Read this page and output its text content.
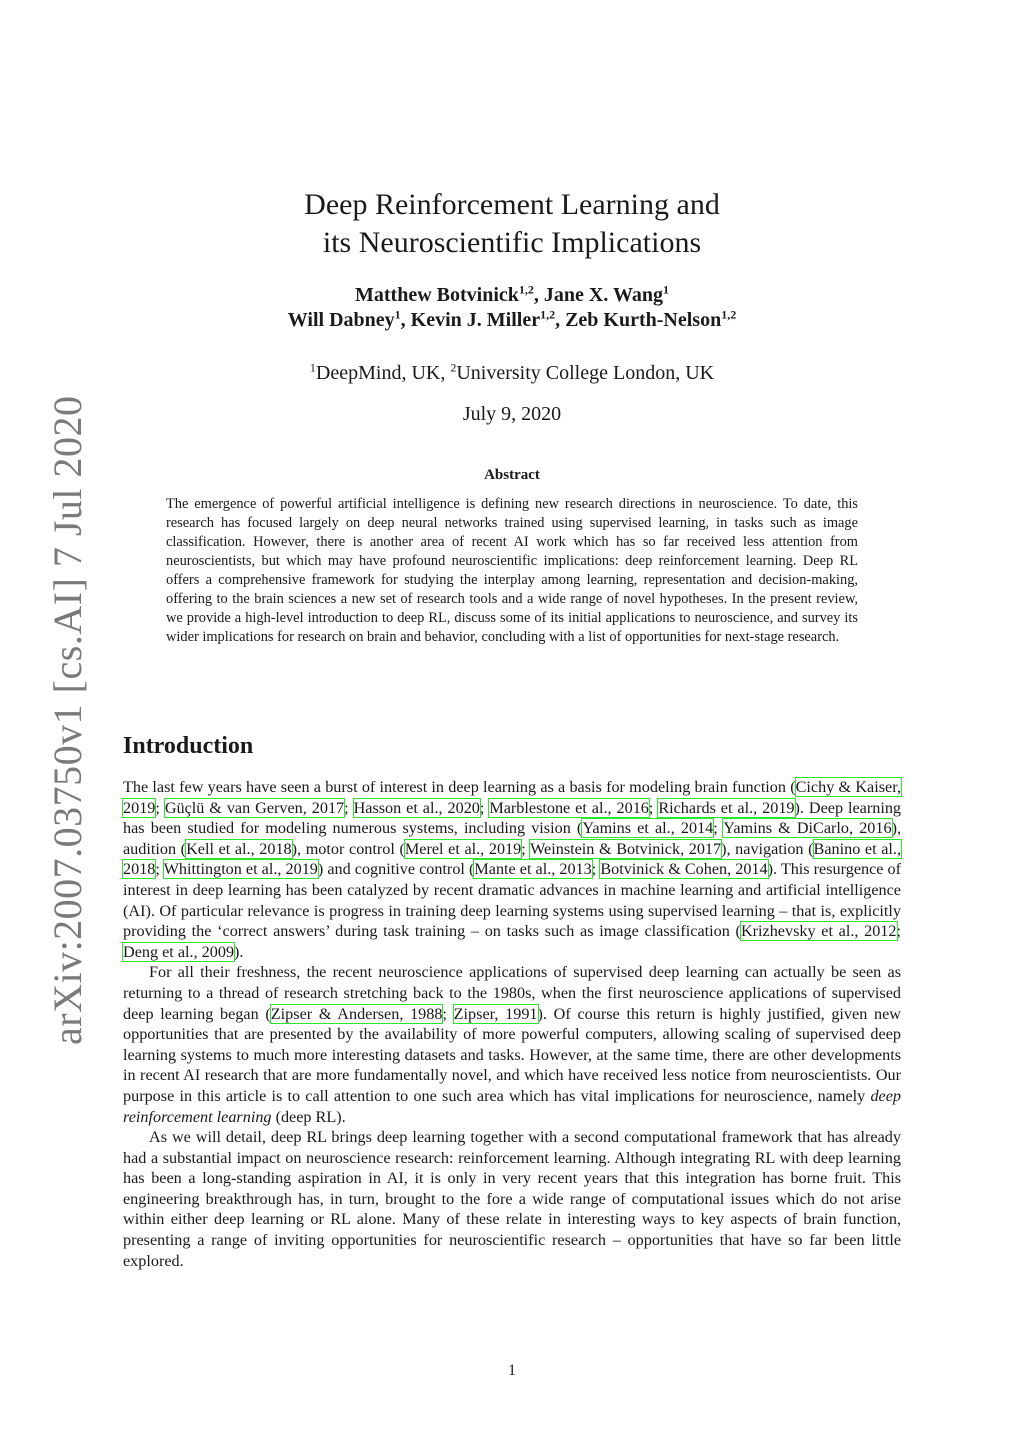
arXiv:2007.03750v1 [cs.AI] 7 Jul 2020
Deep Reinforcement Learning and
its Neuroscientific Implications
Matthew Botvinick$^{1,2}$, Jane X. Wang$^1$
Will Dabney$^1$, Kevin J. Miller$^{1,2}$, Zeb Kurth-Nelson$^{1,2}$
$^1$DeepMind, UK, $^2$University College London, UK
July 9, 2020
Abstract
The emergence of powerful artificial intelligence is defining new research directions in neuroscience. To date, this research has focused largely on deep neural networks trained using supervised learning, in tasks such as image classification. However, there is another area of recent AI work which has so far received less attention from neuroscientists, but which may have profound neuroscientific implications: deep reinforcement learning. Deep RL offers a comprehensive framework for studying the interplay among learning, representation and decision-making, offering to the brain sciences a new set of research tools and a wide range of novel hypotheses. In the present review, we provide a high-level introduction to deep RL, discuss some of its initial applications to neuroscience, and survey its wider implications for research on brain and behavior, concluding with a list of opportunities for next-stage research.
Introduction

The last few years have seen a burst of interest in deep learning as a basis for modeling brain function (Cichy & Kaiser, 2019; Güçlü & van Gerven, 2017; Hasson et al., 2020; Marblestone et al., 2016; Richards et al., 2019). Deep learning has been studied for modeling numerous systems, including vision (Yamins et al., 2014; Yamins & DiCarlo, 2016), audition (Kell et al., 2018), motor control (Merel et al., 2019; Weinstein & Botvinick, 2017), navigation (Banino et al., 2018; Whittington et al., 2019) and cognitive control (Mante et al., 2013; Botvinick & Cohen, 2014). This resurgence of interest in deep learning has been catalyzed by recent dramatic advances in machine learning and artificial intelligence (AI). Of particular relevance is progress in training deep learning systems using supervised learning – that is, explicitly providing the ‘correct answers’ during task training – on tasks such as image classification (Krizhevsky et al., 2012; Deng et al., 2009).

For all their freshness, the recent neuroscience applications of supervised deep learning can actually be seen as returning to a thread of research stretching back to the 1980s, when the first neuroscience applications of supervised deep learning began (Zipser & Andersen, 1988; Zipser, 1991). Of course this return is highly justified, given new opportunities that are presented by the availability of more powerful computers, allowing scaling of supervised deep learning systems to much more interesting datasets and tasks. However, at the same time, there are other developments in recent AI research that are more fundamentally novel, and which have received less notice from neuroscientists. Our purpose in this article is to call attention to one such area which has vital implications for neuroscience, namely deep reinforcement learning (deep RL).

As we will detail, deep RL brings deep learning together with a second computational framework that has already had a substantial impact on neuroscience research: reinforcement learning. Although integrating RL with deep learning has been a long-standing aspiration in AI, it is only in very recent years that this integration has borne fruit. This engineering breakthrough has, in turn, brought to the fore a wide range of computational issues which do not arise within either deep learning or RL alone. Many of these relate in interesting ways to key aspects of brain function, presenting a range of inviting opportunities for neuroscientific research – opportunities that have so far been little explored.

1
